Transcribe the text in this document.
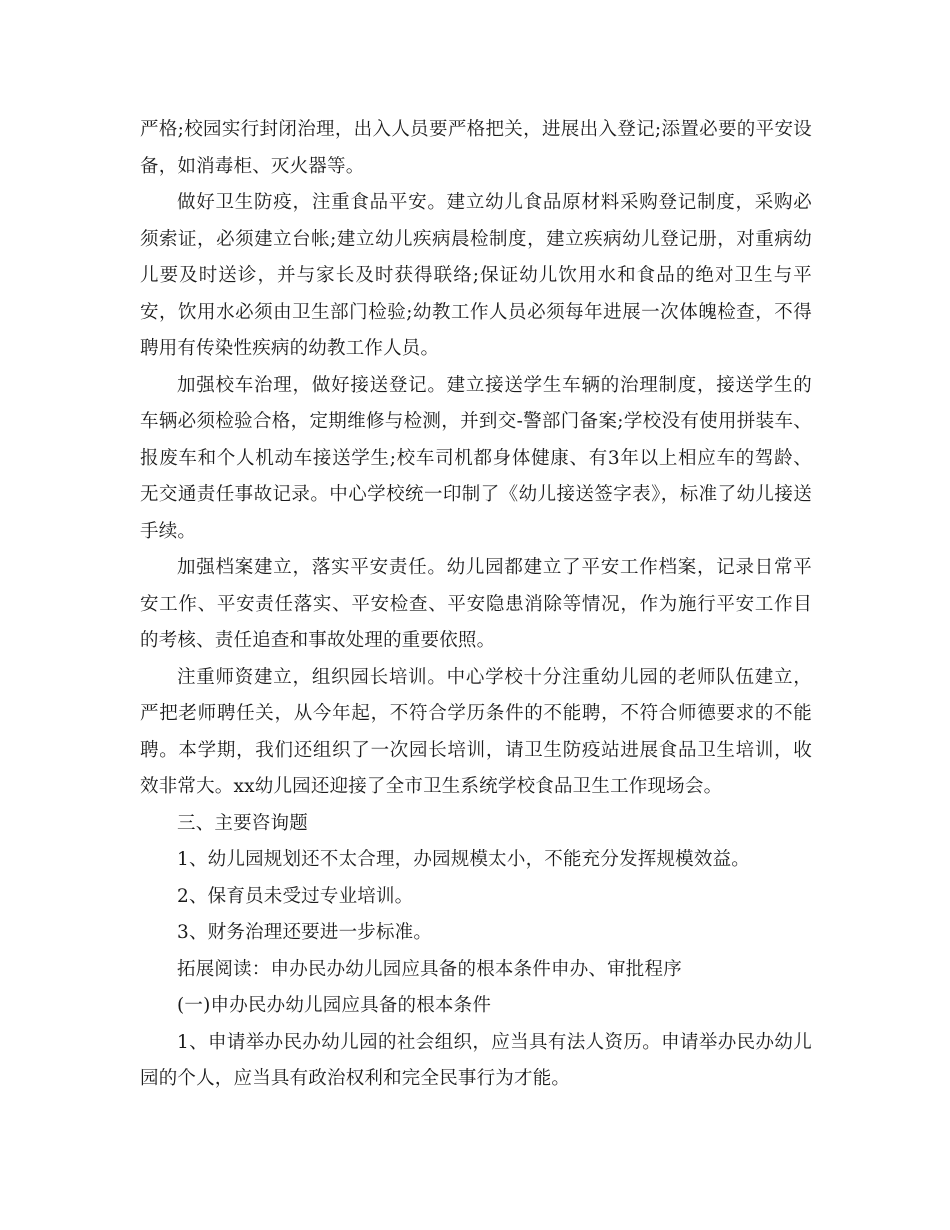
严格;校园实行封闭治理，出入人员要严格把关，进展出入登记;添置必要的平安设备，如消毒柜、灭火器等。

做好卫生防疫，注重食品平安。建立幼儿食品原材料采购登记制度，采购必须索证，必须建立台帐;建立幼儿疾病晨检制度，建立疾病幼儿登记册，对重病幼儿要及时送诊，并与家长及时获得联络;保证幼儿饮用水和食品的绝对卫生与平安，饮用水必须由卫生部门检验;幼教工作人员必须每年进展一次体魄检查，不得聘用有传染性疾病的幼教工作人员。

加强校车治理，做好接送登记。建立接送学生车辆的治理制度，接送学生的车辆必须检验合格，定期维修与检测，并到交-警部门备案;学校没有使用拼装车、报废车和个人机动车接送学生;校车司机都身体健康、有3年以上相应车的驾龄、无交通责任事故记录。中心学校统一印制了《幼儿接送签字表》，标准了幼儿接送手续。

加强档案建立，落实平安责任。幼儿园都建立了平安工作档案，记录日常平安工作、平安责任落实、平安检查、平安隐患消除等情况，作为施行平安工作目的考核、责任追查和事故处理的重要依照。

注重师资建立，组织园长培训。中心学校十分注重幼儿园的老师队伍建立，严把老师聘任关，从今年起，不符合学历条件的不能聘，不符合师德要求的不能聘。本学期，我们还组织了一次园长培训，请卫生防疫站进展食品卫生培训，收效非常大。xx幼儿园还迎接了全市卫生系统学校食品卫生工作现场会。

三、主要咨询题

1、幼儿园规划还不太合理，办园规模太小，不能充分发挥规模效益。

2、保育员未受过专业培训。

3、财务治理还要进一步标准。

拓展阅读：申办民办幼儿园应具备的根本条件申办、审批程序

(一)申办民办幼儿园应具备的根本条件

1、申请举办民办幼儿园的社会组织，应当具有法人资历。申请举办民办幼儿园的个人，应当具有政治权利和完全民事行为才能。
